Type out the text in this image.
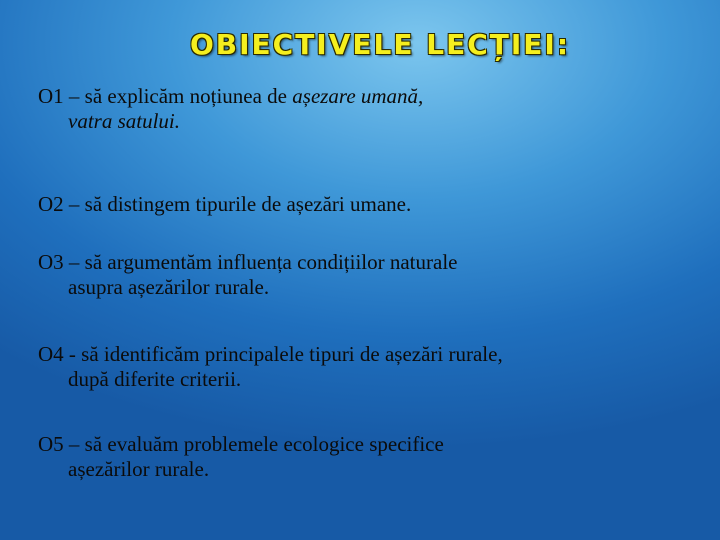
OBIECTIVELE LECȚIEI:
O1 – să explicăm noțiunea de așezare umană,
vatra satului.
O2 – să distingem tipurile de așezări umane.
O3 – să argumentăm influența condițiilor naturale
asupra așezărilor rurale.
O4 - să identificăm principalele tipuri de așezări rurale,
după diferite criterii.
O5 – să evaluăm problemele ecologice specifice
așezărilor rurale.
